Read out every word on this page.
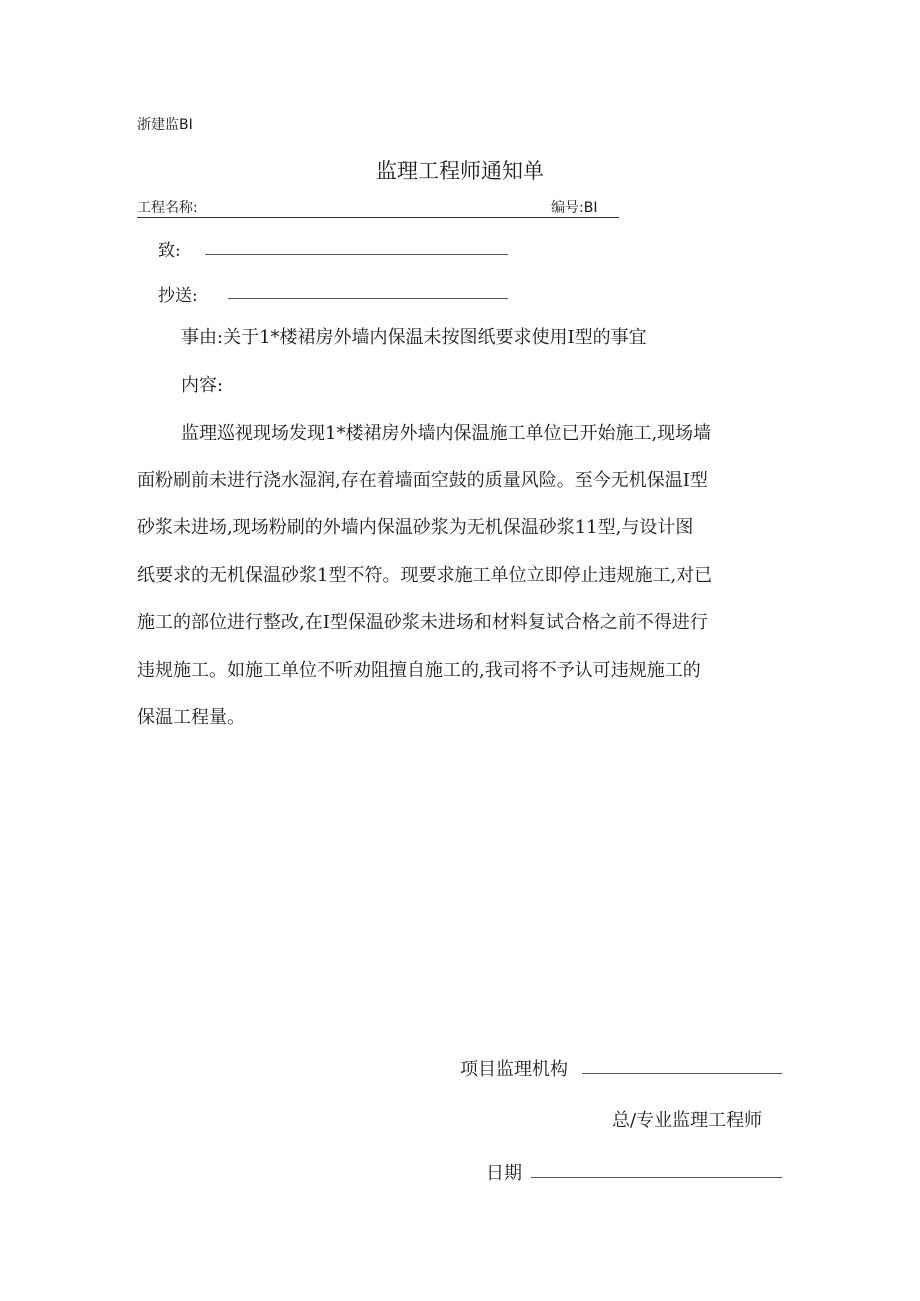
浙建监BI
监理工程师通知单
工程名称:	编号:BI
致:
抄送:
事由:关于1*楼裙房外墙内保温未按图纸要求使用I型的事宜
内容:
监理巡视现场发现1*楼裙房外墙内保温施工单位已开始施工,现场墙
面粉刷前未进行浇水湿润,存在着墙面空鼓的质量风险。至今无机保温I型
砂浆未进场,现场粉刷的外墙内保温砂浆为无机保温砂浆11型,与设计图
纸要求的无机保温砂浆1型不符。现要求施工单位立即停止违规施工,对已
施工的部位进行整改,在I型保温砂浆未进场和材料复试合格之前不得进行
违规施工。如施工单位不听劝阻擅自施工的,我司将不予认可违规施工的
保温工程量。
项目监理机构
总/专业监理工程师
日期
